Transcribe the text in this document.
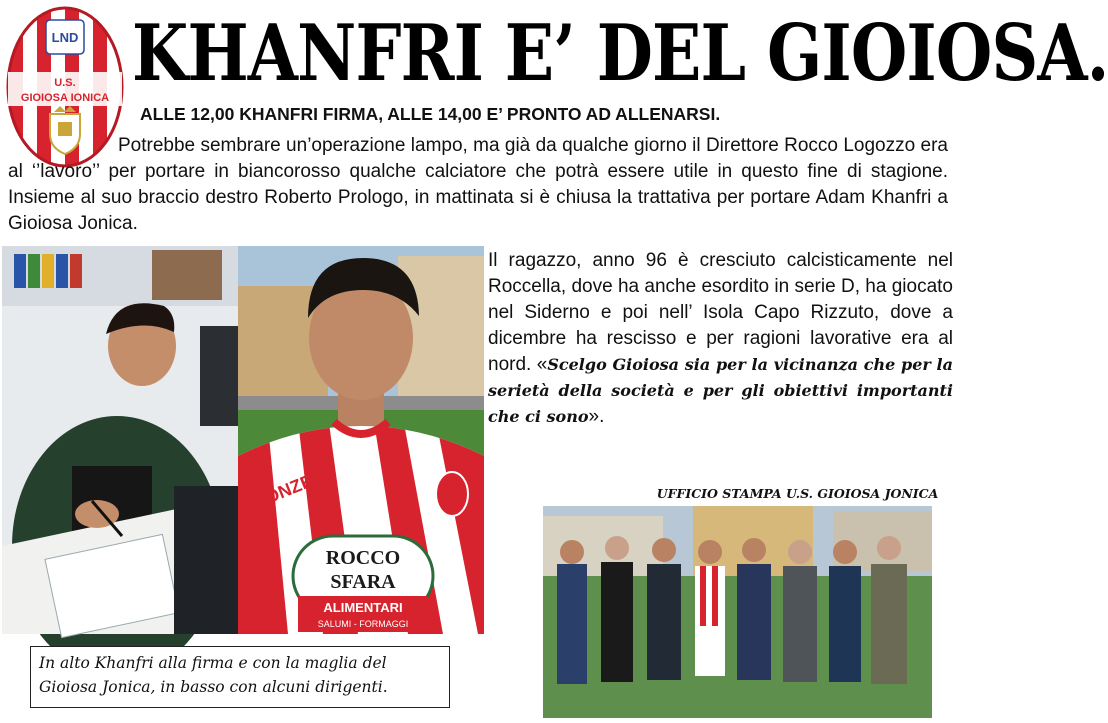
LND
U.S.
GIOIOSA IONICA KHANFRI E’ DEL GIOIOSA.
ALLE 12,00 KHANFRI FIRMA, ALLE 14,00 E’ PRONTO AD ALLENARSI.

Potrebbe sembrare un’operazione lampo, ma già da qualche giorno il Direttore Rocco Logozzo era al ‘’lavoro’’ per portare in biancorosso qualche calciatore che potrà essere utile in questo fine di stagione. Insieme al suo braccio destro Roberto Prologo, in mattinata si è chiusa la trattativa per portare Adam Khanfri a Gioiosa Jonica.

ONZE
ROCCO
SFARA
ALIMENTARI
SALUMI - FORMAGGI

Il ragazzo, anno 96 è cresciuto calcisticamente nel Roccella, dove ha anche esordito in serie D, ha giocato nel Siderno e poi nell’ Isola Capo Rizzuto, dove a dicembre ha rescisso e per ragioni lavorative era al nord. «Scelgo Gioiosa sia per la vicinanza che per la serietà della società e per gli obiettivi importanti che ci sono».

UFFICIO STAMPA U.S. GIOIOSA JONICA
In alto Khanfri alla firma e con la maglia del Gioiosa Jonica, in basso con alcuni dirigenti.
